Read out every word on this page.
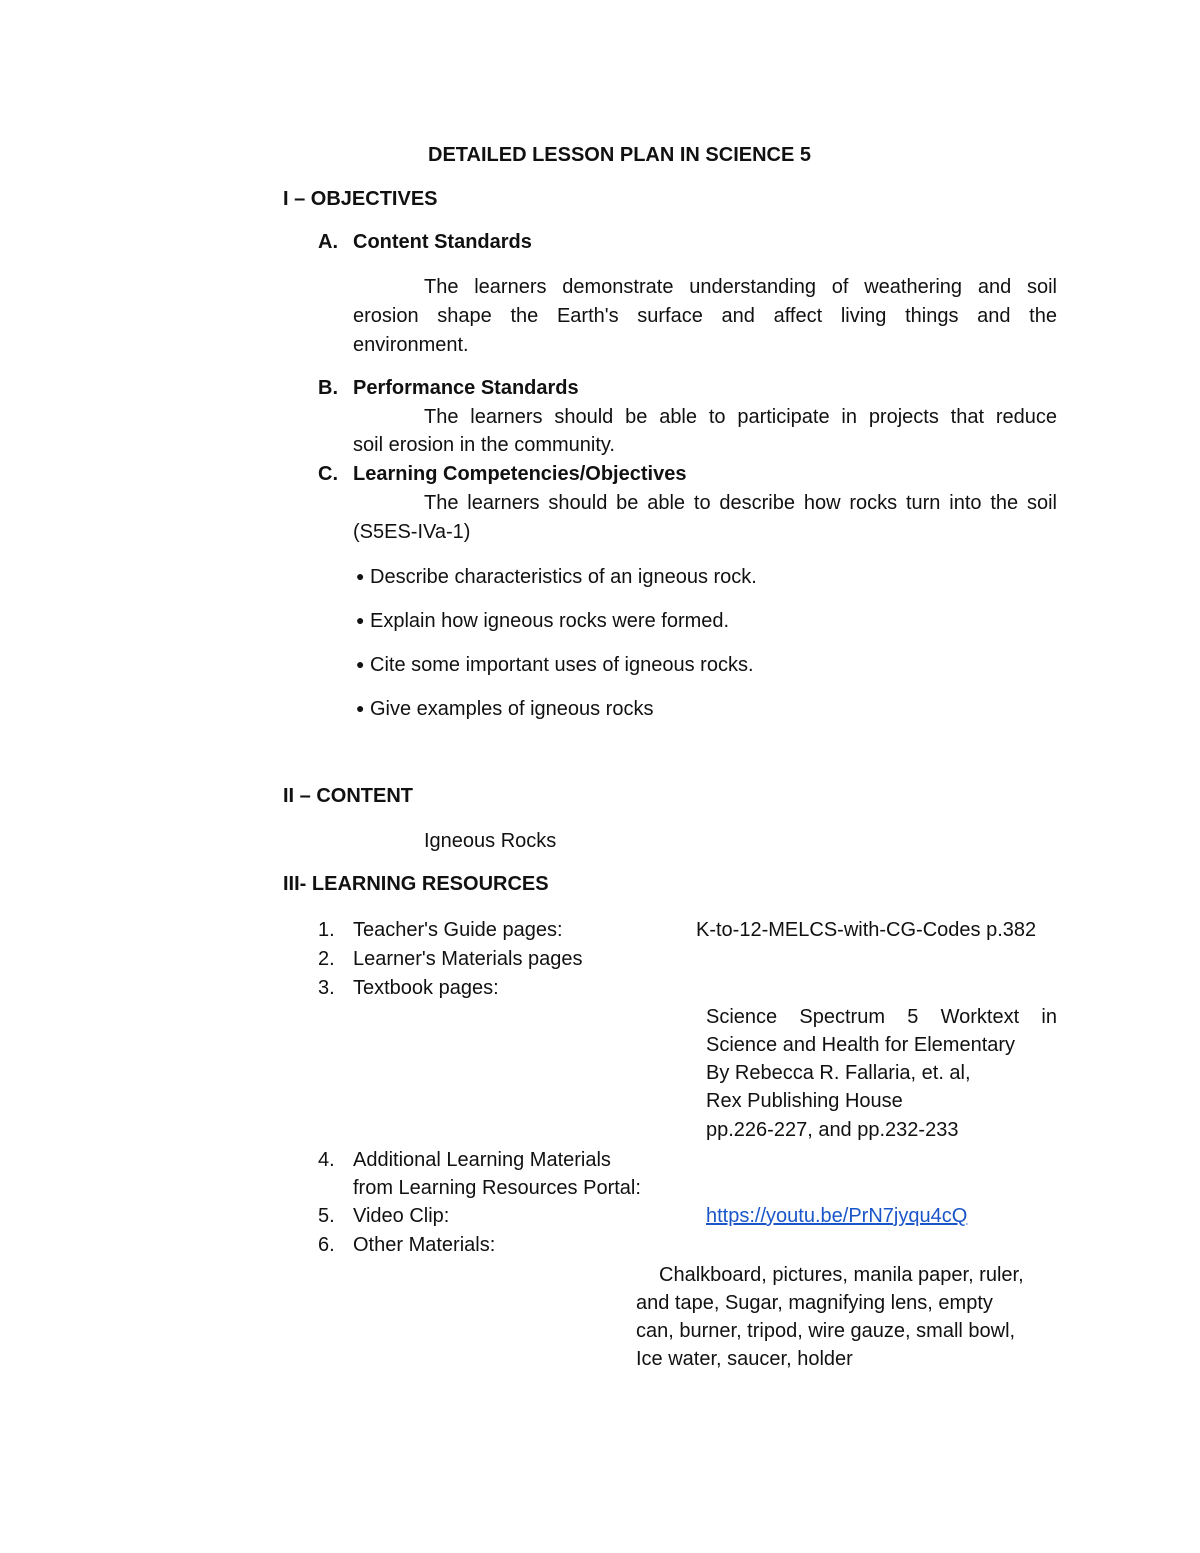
DETAILED LESSON PLAN IN SCIENCE 5
I – OBJECTIVES
A. Content Standards
The learners demonstrate understanding of weathering and soil
erosion shape the Earth's surface and affect living things and the
environment.
B. Performance Standards
The learners should be able to participate in projects that reduce
soil erosion in the community.
C. Learning Competencies/Objectives
The learners should be able to describe how rocks turn into the soil
(S5ES-IVa-1)
● Describe characteristics of an igneous rock.
● Explain how igneous rocks were formed.
● Cite some important uses of igneous rocks.
● Give examples of igneous rocks
II – CONTENT
Igneous Rocks
III- LEARNING RESOURCES
1. Teacher's Guide pages:	K-to-12-MELCS-with-CG-Codes p.382
2. Learner's Materials pages
3. Textbook pages:
Science Spectrum 5 Worktext in
Science and Health for Elementary
By Rebecca R. Fallaria, et. al,
Rex Publishing House
pp.226-227, and pp.232-233
4. Additional Learning Materials
from Learning Resources Portal:
5. Video Clip:	https://youtu.be/PrN7jyqu4cQ
6. Other Materials:
Chalkboard, pictures, manila paper, ruler,
and tape, Sugar, magnifying lens, empty
can, burner, tripod, wire gauze, small bowl,
Ice water, saucer, holder
